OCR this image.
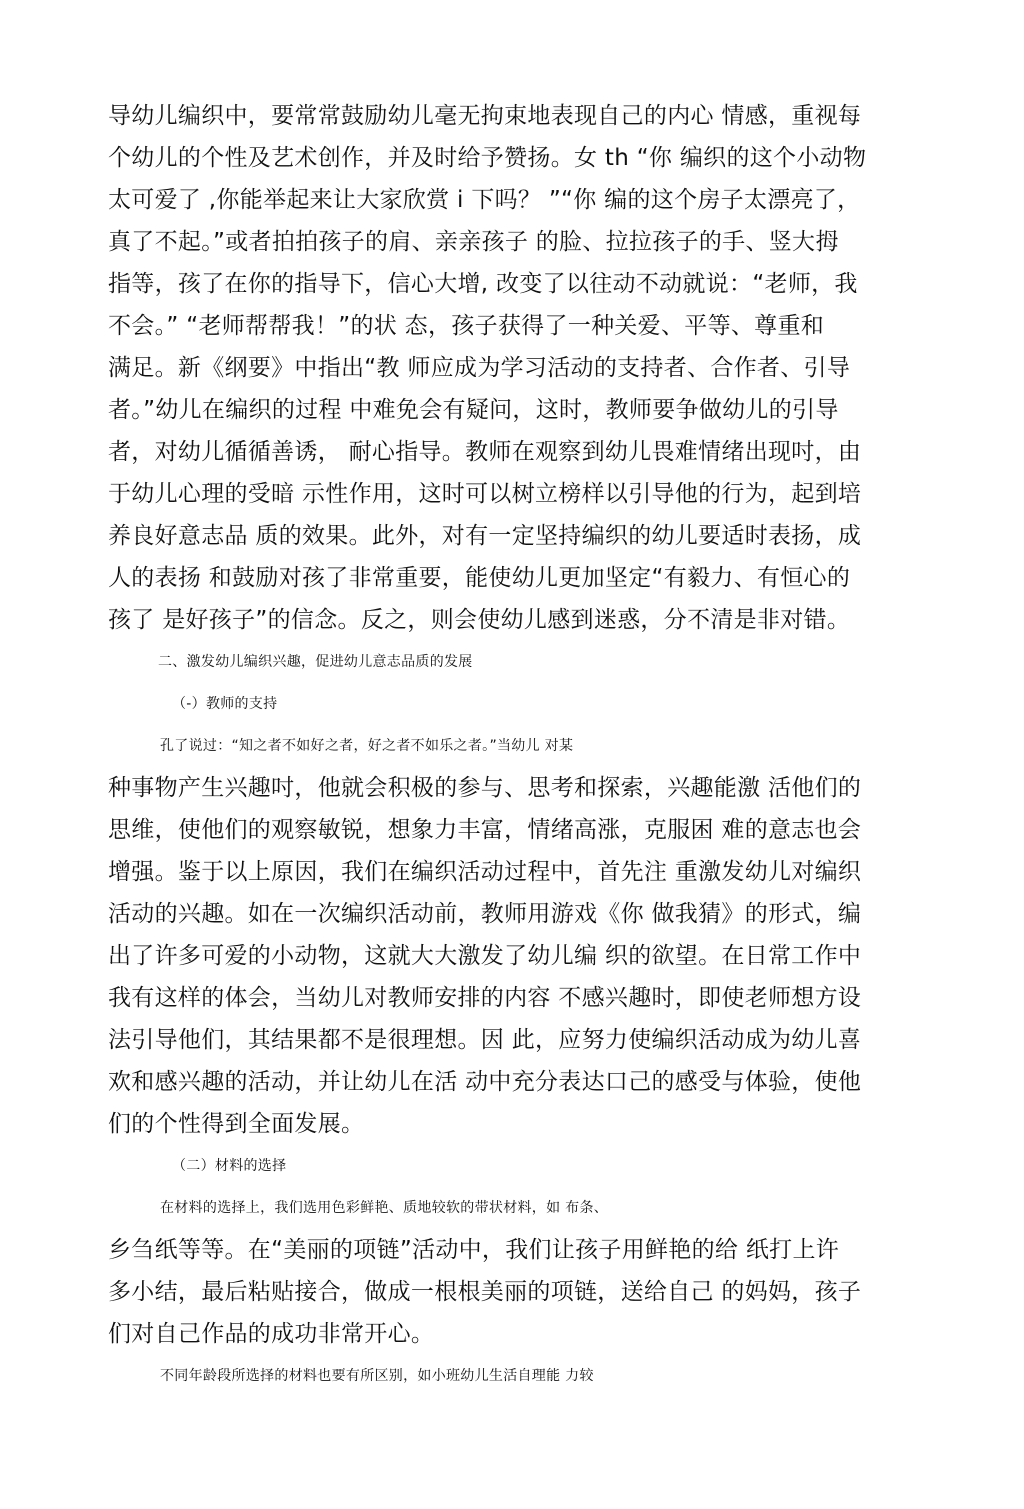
导幼儿编织中，要常常鼓励幼儿毫无拘束地表现自己的内心 情感，重视每
个幼儿的个性及艺术创作，并及时给予赞扬。女 th “你 编织的这个小动物
太可爱了 ,你能举起来让大家欣赏 i 下吗？ ”“你 编的这个房子太漂亮了，
真了不起。”或者拍拍孩子的肩、亲亲孩子 的脸、拉拉孩子的手、竖大拇
指等，孩了在你的指导下，信心大增, 改变了以往动不动就说：“老师，我
不会。” “老师帮帮我！”的状 态，孩子获得了一种关爱、平等、尊重和
满足。新《纲要》中指出“教 师应成为学习活动的支持者、合作者、引导
者。”幼儿在编织的过程 中难免会有疑问，这时，教师要争做幼儿的引导
者，对幼儿循循善诱， 耐心指导。教师在观察到幼儿畏难情绪出现吋，由
于幼儿心理的受暗 示性作用，这时可以树立榜样以引导他的行为，起到培
养良好意志品 质的效果。此外，对有一定坚持编织的幼儿要适时表扬，成
人的表扬 和鼓励对孩了非常重要，能使幼儿更加坚定“有毅力、有恒心的
孩了 是好孩子”的信念。反之，则会使幼儿感到迷惑，分不清是非对错。
二、激发幼儿编织兴趣，促进幼儿意志品质的发展
（-）教师的支持
孔了说过：“知之者不如好之者，好之者不如乐之者。”当幼儿 对某
种事物产生兴趣吋，他就会积极的参与、思考和探索，兴趣能激 活他们的
思维，使他们的观察敏锐，想象力丰富，情绪高涨，克服困 难的意志也会
增强。鉴于以上原因，我们在编织活动过程中，首先注 重激发幼儿对编织
活动的兴趣。如在一次编织活动前，教师用游戏《你 做我猜》的形式，编
出了许多可爱的小动物，这就大大激发了幼儿编 织的欲望。在日常工作中
我有这样的体会，当幼儿对教师安排的内容 不感兴趣时，即使老师想方设
法引导他们，其结果都不是很理想。因 此，应努力使编织活动成为幼儿喜
欢和感兴趣的活动，并让幼儿在活 动中充分表达口己的感受与体验，使他
们的个性得到全面发展。
（二）材料的选择
在材料的选择上，我们选用色彩鲜艳、质地较软的带状材料，如 布条、
乡刍纸等等。在“美丽的项链”活动中，我们让孩子用鲜艳的给 纸打上许
多小结，最后粘贴接合，做成一根根美丽的项链，送给自己 的妈妈，孩子
们对自己作品的成功非常开心。
不同年龄段所选择的材料也要有所区别，如小班幼儿生活自理能 力较
